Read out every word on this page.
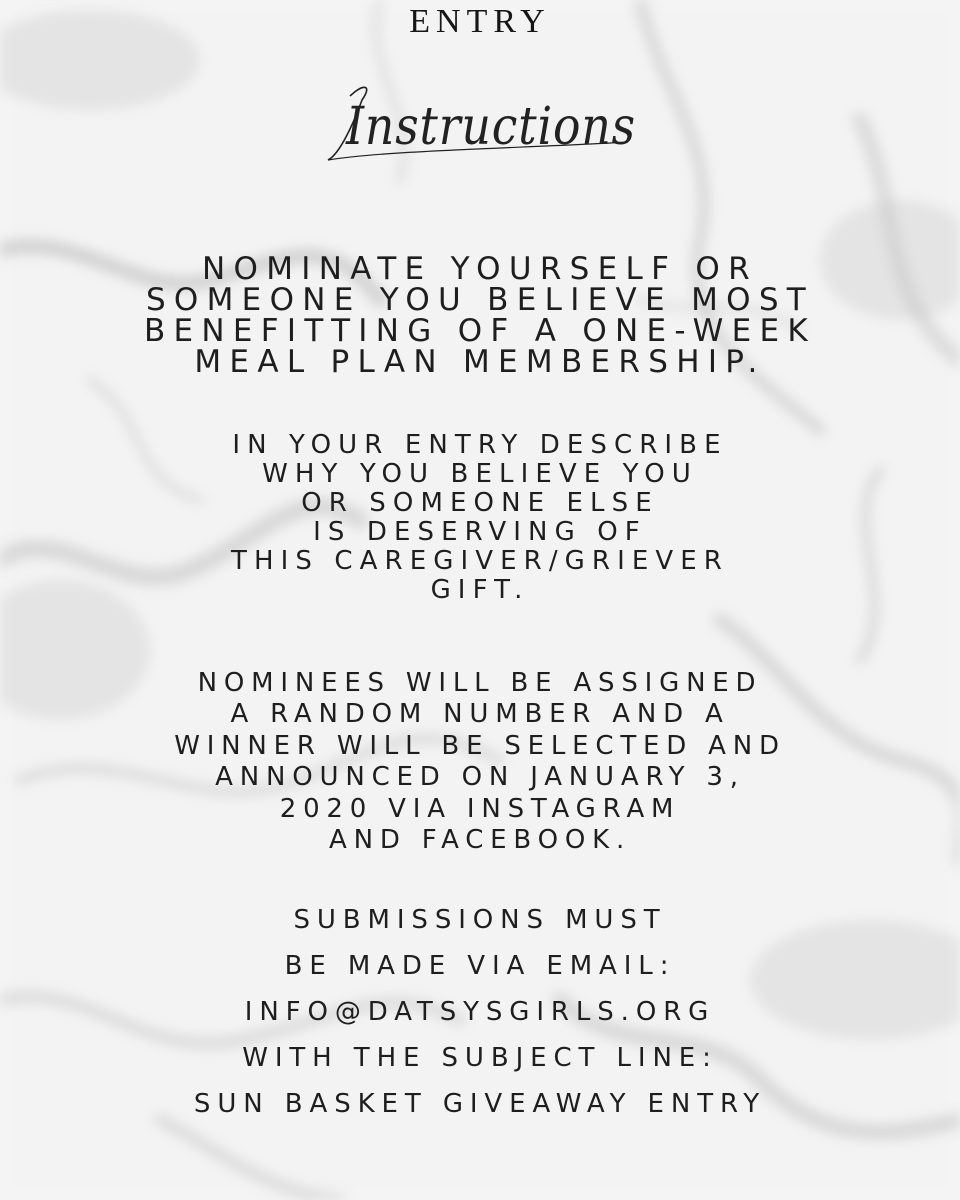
ENTRY
Instructions
NOMINATE YOURSELF OR
SOMEONE YOU BELIEVE MOST
BENEFITTING OF A ONE-WEEK
MEAL PLAN MEMBERSHIP.
IN YOUR ENTRY DESCRIBE
WHY YOU BELIEVE YOU
OR SOMEONE ELSE
IS DESERVING OF
THIS CAREGIVER/GRIEVER
GIFT.
NOMINEES WILL BE ASSIGNED
A RANDOM NUMBER AND A
WINNER WILL BE SELECTED AND
ANNOUNCED ON JANUARY 3,
2020 VIA INSTAGRAM
AND FACEBOOK.
SUBMISSIONS MUST
BE MADE VIA EMAIL:
INFO@DATSYSGIRLS.ORG
WITH THE SUBJECT LINE:
SUN BASKET GIVEAWAY ENTRY
